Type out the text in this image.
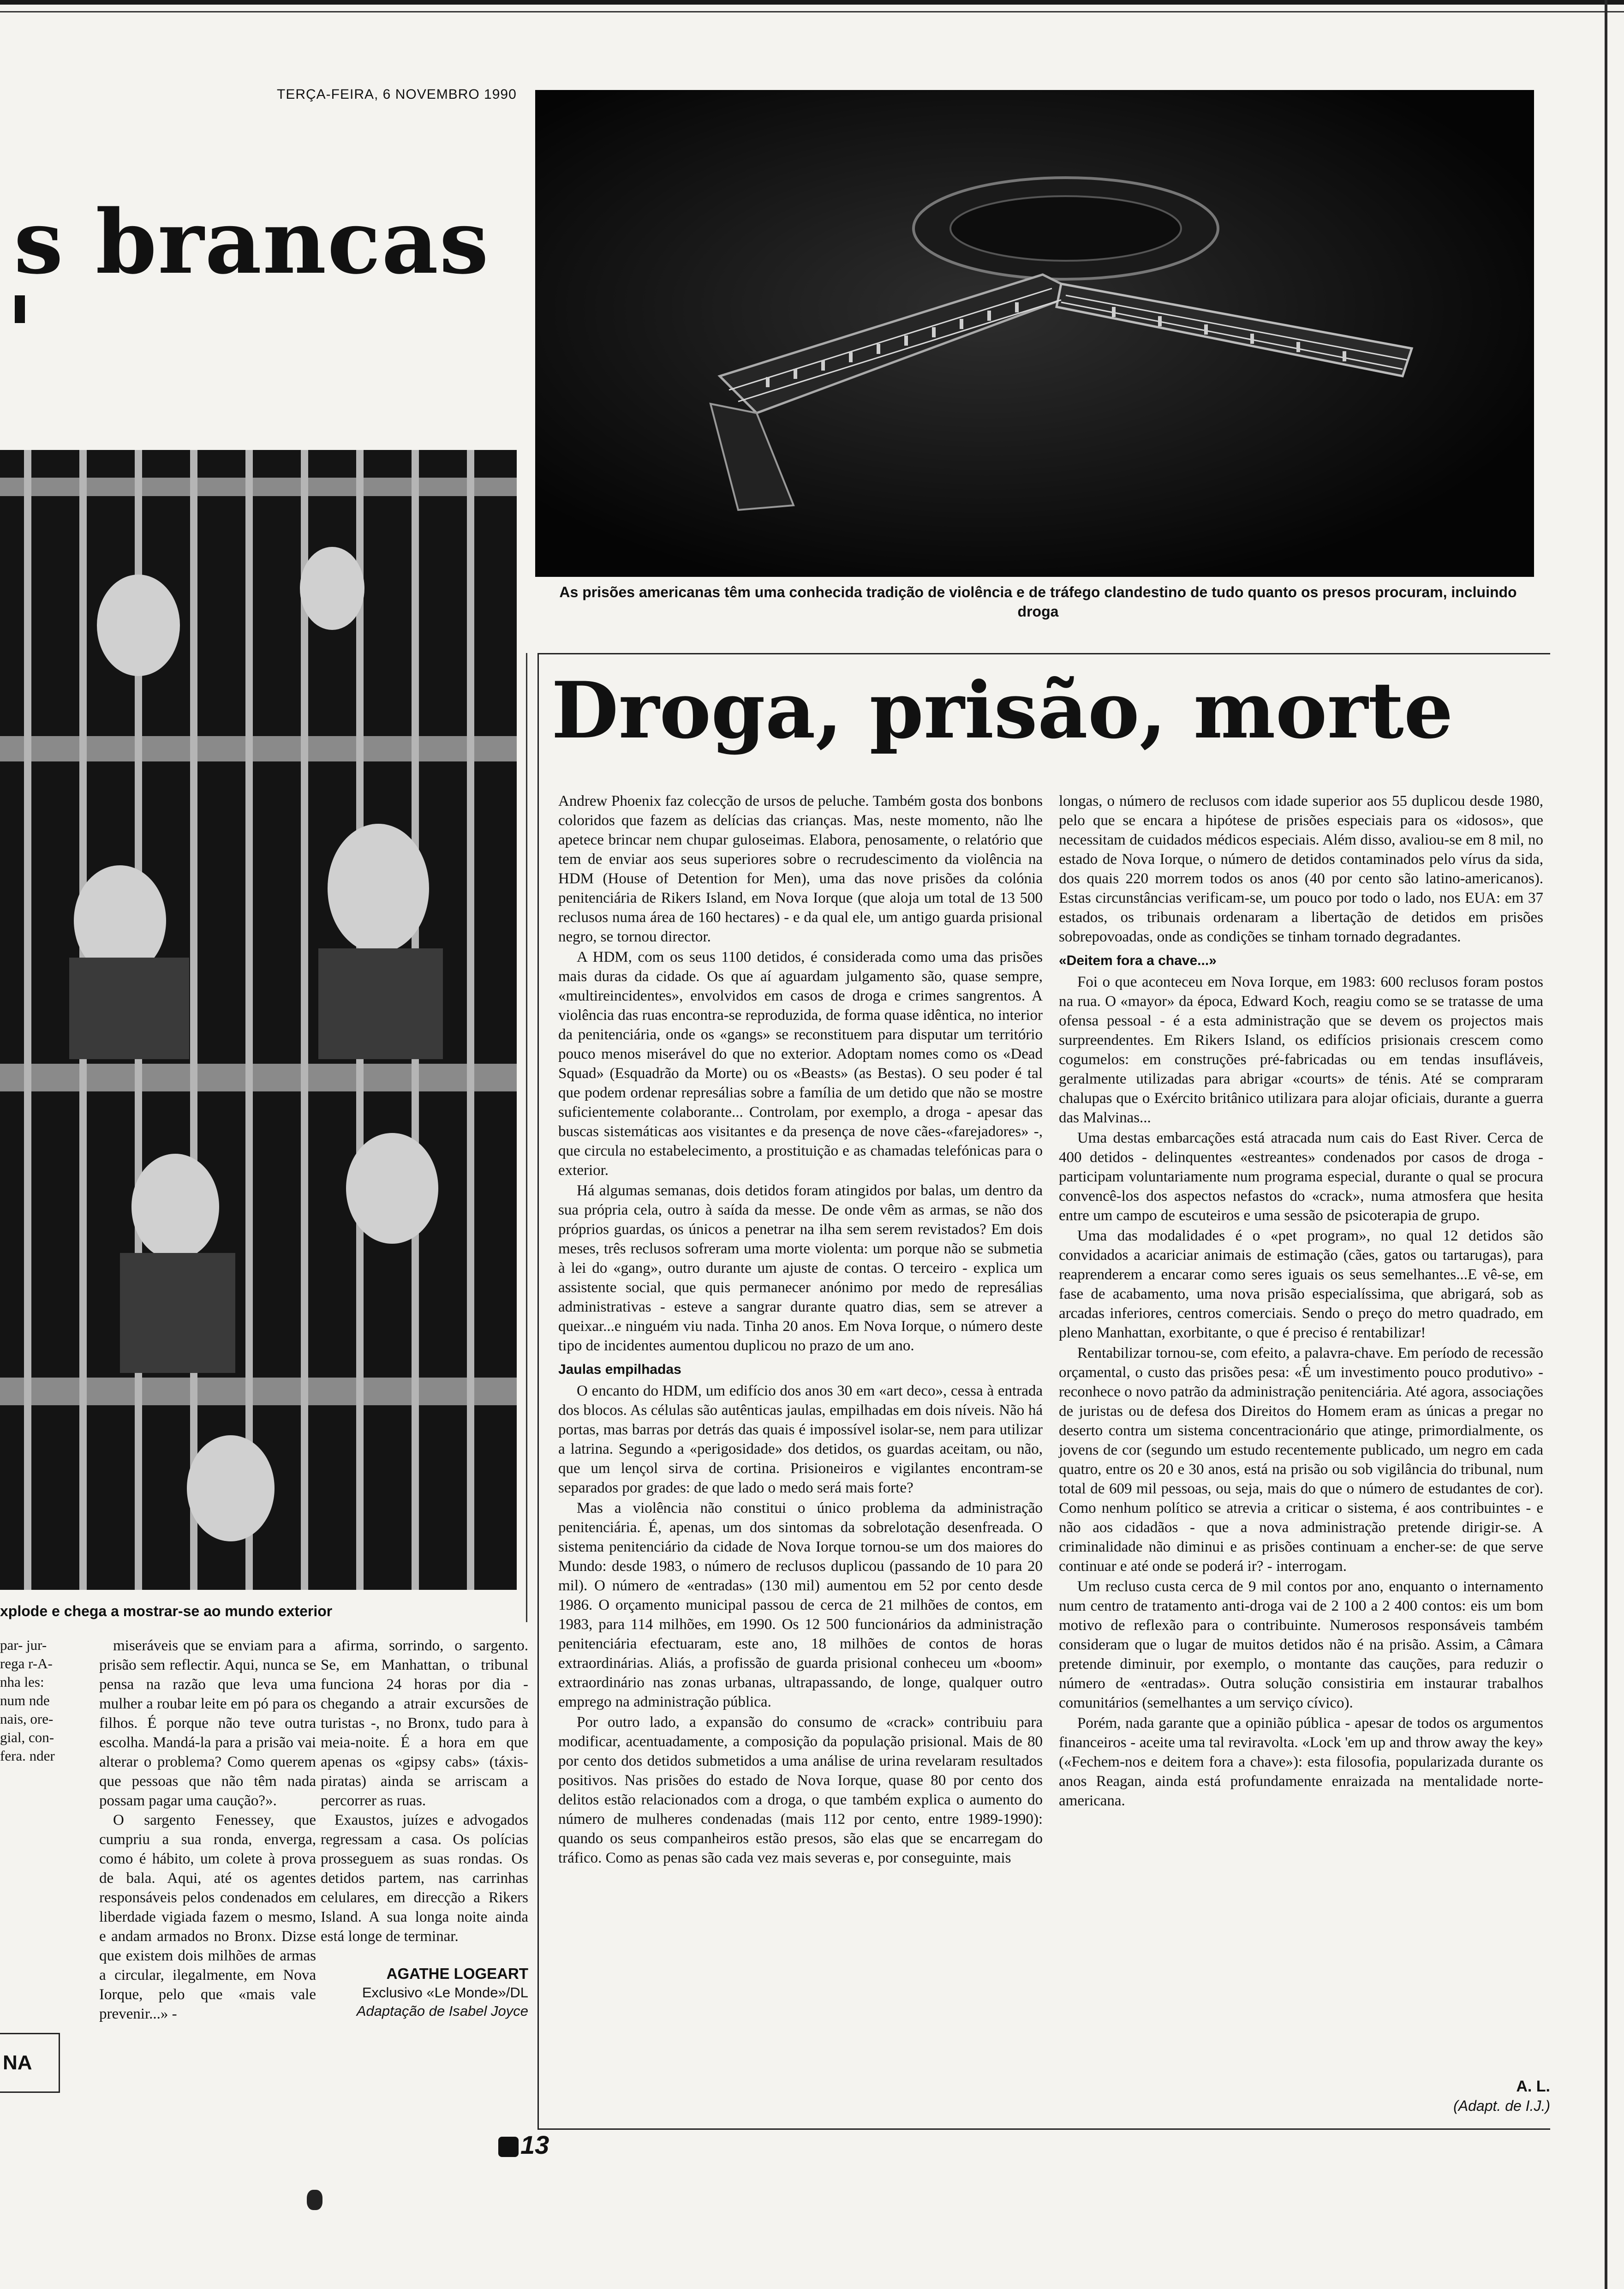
TERÇA-FEIRA, 6 NOVEMBRO 1990
s brancas
As prisões americanas têm uma conhecida tradição de violência e de tráfego clandestino de tudo quanto os presos procuram, incluindo droga
xplode e chega a mostrar-se ao mundo exterior
par- jur- rega r-A- nha les: num nde nais, ore- gial, con- fera. nder

miseráveis que se enviam para a prisão sem reflectir. Aqui, nunca se pensa na razão que leva uma mulher a roubar leite em pó para os filhos. É porque não teve outra escolha. Mandá-la para a prisão vai alterar o problema? Como querem que pessoas que não têm nada possam pagar uma caução?».

O sargento Fenessey, que cumpriu a sua ronda, enverga, como é hábito, um colete à prova de bala. Aqui, até os agentes responsáveis pelos condenados em liberdade vigiada fazem o mesmo, e andam armados no Bronx. Dizse que existem dois milhões de armas a circular, ilegalmente, em Nova Iorque, pelo que «mais vale prevenir...» -

afirma, sorrindo, o sargento. Se, em Manhattan, o tribunal funciona 24 horas por dia - chegando a atrair excursões de turistas -, no Bronx, tudo para à meia-noite. É a hora em que apenas os «gipsy cabs» (táxis-piratas) ainda se arriscam a percorrer as ruas.

Exaustos, juízes e advogados regressam a casa. Os polícias prosseguem as suas rondas. Os detidos partem, nas carrinhas celulares, em direcção a Rikers Island. A sua longa noite ainda está longe de terminar.

AGATHE LOGEART
Exclusivo «Le Monde»/DL
Adaptação de Isabel Joyce
NA
Droga, prisão, morte

Andrew Phoenix faz colecção de ursos de peluche. Também gosta dos bonbons coloridos que fazem as delícias das crianças. Mas, neste momento, não lhe apetece brincar nem chupar guloseimas. Elabora, penosamente, o relatório que tem de enviar aos seus superiores sobre o recrudescimento da violência na HDM (House of Detention for Men), uma das nove prisões da colónia penitenciária de Rikers Island, em Nova Iorque (que aloja um total de 13 500 reclusos numa área de 160 hectares) - e da qual ele, um antigo guarda prisional negro, se tornou director.

A HDM, com os seus 1100 detidos, é considerada como uma das prisões mais duras da cidade. Os que aí aguardam julgamento são, quase sempre, «multireincidentes», envolvidos em casos de droga e crimes sangrentos. A violência das ruas encontra-se reproduzida, de forma quase idêntica, no interior da penitenciária, onde os «gangs» se reconstituem para disputar um território pouco menos miserável do que no exterior. Adoptam nomes como os «Dead Squad» (Esquadrão da Morte) ou os «Beasts» (as Bestas). O seu poder é tal que podem ordenar represálias sobre a família de um detido que não se mostre suficientemente colaborante... Controlam, por exemplo, a droga - apesar das buscas sistemáticas aos visitantes e da presença de nove cães-«farejadores» -, que circula no estabelecimento, a prostituição e as chamadas telefónicas para o exterior.

Há algumas semanas, dois detidos foram atingidos por balas, um dentro da sua própria cela, outro à saída da messe. De onde vêm as armas, se não dos próprios guardas, os únicos a penetrar na ilha sem serem revistados? Em dois meses, três reclusos sofreram uma morte violenta: um porque não se submetia à lei do «gang», outro durante um ajuste de contas. O terceiro - explica um assistente social, que quis permanecer anónimo por medo de represálias administrativas - esteve a sangrar durante quatro dias, sem se atrever a queixar...e ninguém viu nada. Tinha 20 anos. Em Nova Iorque, o número deste tipo de incidentes aumentou duplicou no prazo de um ano.

Jaulas empilhadas

O encanto do HDM, um edifício dos anos 30 em «art deco», cessa à entrada dos blocos. As células são autênticas jaulas, empilhadas em dois níveis. Não há portas, mas barras por detrás das quais é impossível isolar-se, nem para utilizar a latrina. Segundo a «perigosidade» dos detidos, os guardas aceitam, ou não, que um lençol sirva de cortina. Prisioneiros e vigilantes encontram-se separados por grades: de que lado o medo será mais forte?

Mas a violência não constitui o único problema da administração penitenciária. É, apenas, um dos sintomas da sobrelotação desenfreada. O sistema penitenciário da cidade de Nova Iorque tornou-se um dos maiores do Mundo: desde 1983, o número de reclusos duplicou (passando de 10 para 20 mil). O número de «entradas» (130 mil) aumentou em 52 por cento desde 1986. O orçamento municipal passou de cerca de 21 milhões de contos, em 1983, para 114 milhões, em 1990. Os 12 500 funcionários da administração penitenciária efectuaram, este ano, 18 milhões de contos de horas extraordinárias. Aliás, a profissão de guarda prisional conheceu um «boom» extraordinário nas zonas urbanas, ultrapassando, de longe, qualquer outro emprego na administração pública.

Por outro lado, a expansão do consumo de «crack» contribuiu para modificar, acentuadamente, a composição da população prisional. Mais de 80 por cento dos detidos submetidos a uma análise de urina revelaram resultados positivos. Nas prisões do estado de Nova Iorque, quase 80 por cento dos delitos estão relacionados com a droga, o que também explica o aumento do número de mulheres condenadas (mais 112 por cento, entre 1989-1990): quando os seus companheiros estão presos, são elas que se encarregam do tráfico. Como as penas são cada vez mais severas e, por conseguinte, mais

longas, o número de reclusos com idade superior aos 55 duplicou desde 1980, pelo que se encara a hipótese de prisões especiais para os «idosos», que necessitam de cuidados médicos especiais. Além disso, avaliou-se em 8 mil, no estado de Nova Iorque, o número de detidos contaminados pelo vírus da sida, dos quais 220 morrem todos os anos (40 por cento são latino-americanos). Estas circunstâncias verificam-se, um pouco por todo o lado, nos EUA: em 37 estados, os tribunais ordenaram a libertação de detidos em prisões sobrepovoadas, onde as condições se tinham tornado degradantes.

«Deitem fora a chave...»

Foi o que aconteceu em Nova Iorque, em 1983: 600 reclusos foram postos na rua. O «mayor» da época, Edward Koch, reagiu como se se tratasse de uma ofensa pessoal - é a esta administração que se devem os projectos mais surpreendentes. Em Rikers Island, os edifícios prisionais crescem como cogumelos: em construções pré-fabricadas ou em tendas insufláveis, geralmente utilizadas para abrigar «courts» de ténis. Até se compraram chalupas que o Exército britânico utilizara para alojar oficiais, durante a guerra das Malvinas...

Uma destas embarcações está atracada num cais do East River. Cerca de 400 detidos - delinquentes «estreantes» condenados por casos de droga - participam voluntariamente num programa especial, durante o qual se procura convencê-los dos aspectos nefastos do «crack», numa atmosfera que hesita entre um campo de escuteiros e uma sessão de psicoterapia de grupo.

Uma das modalidades é o «pet program», no qual 12 detidos são convidados a acariciar animais de estimação (cães, gatos ou tartarugas), para reaprenderem a encarar como seres iguais os seus semelhantes...E vê-se, em fase de acabamento, uma nova prisão especialíssima, que abrigará, sob as arcadas inferiores, centros comerciais. Sendo o preço do metro quadrado, em pleno Manhattan, exorbitante, o que é preciso é rentabilizar!

Rentabilizar tornou-se, com efeito, a palavra-chave. Em período de recessão orçamental, o custo das prisões pesa: «É um investimento pouco produtivo» - reconhece o novo patrão da administração penitenciária. Até agora, associações de juristas ou de defesa dos Direitos do Homem eram as únicas a pregar no deserto contra um sistema concentracionário que atinge, primordialmente, os jovens de cor (segundo um estudo recentemente publicado, um negro em cada quatro, entre os 20 e 30 anos, está na prisão ou sob vigilância do tribunal, num total de 609 mil pessoas, ou seja, mais do que o número de estudantes de cor). Como nenhum político se atrevia a criticar o sistema, é aos contribuintes - e não aos cidadãos - que a nova administração pretende dirigir-se. A criminalidade não diminui e as prisões continuam a encher-se: de que serve continuar e até onde se poderá ir? - interrogam.

Um recluso custa cerca de 9 mil contos por ano, enquanto o internamento num centro de tratamento anti-droga vai de 2 100 a 2 400 contos: eis um bom motivo de reflexão para o contribuinte. Numerosos responsáveis também consideram que o lugar de muitos detidos não é na prisão. Assim, a Câmara pretende diminuir, por exemplo, o montante das cauções, para reduzir o número de «entradas». Outra solução consistiria em instaurar trabalhos comunitários (semelhantes a um serviço cívico).

Porém, nada garante que a opinião pública - apesar de todos os argumentos financeiros - aceite uma tal reviravolta. «Lock 'em up and throw away the key» («Fechem-nos e deitem fora a chave»): esta filosofia, popularizada durante os anos Reagan, ainda está profundamente enraizada na mentalidade norte-americana.

A. L.
(Adapt. de I.J.)
13
